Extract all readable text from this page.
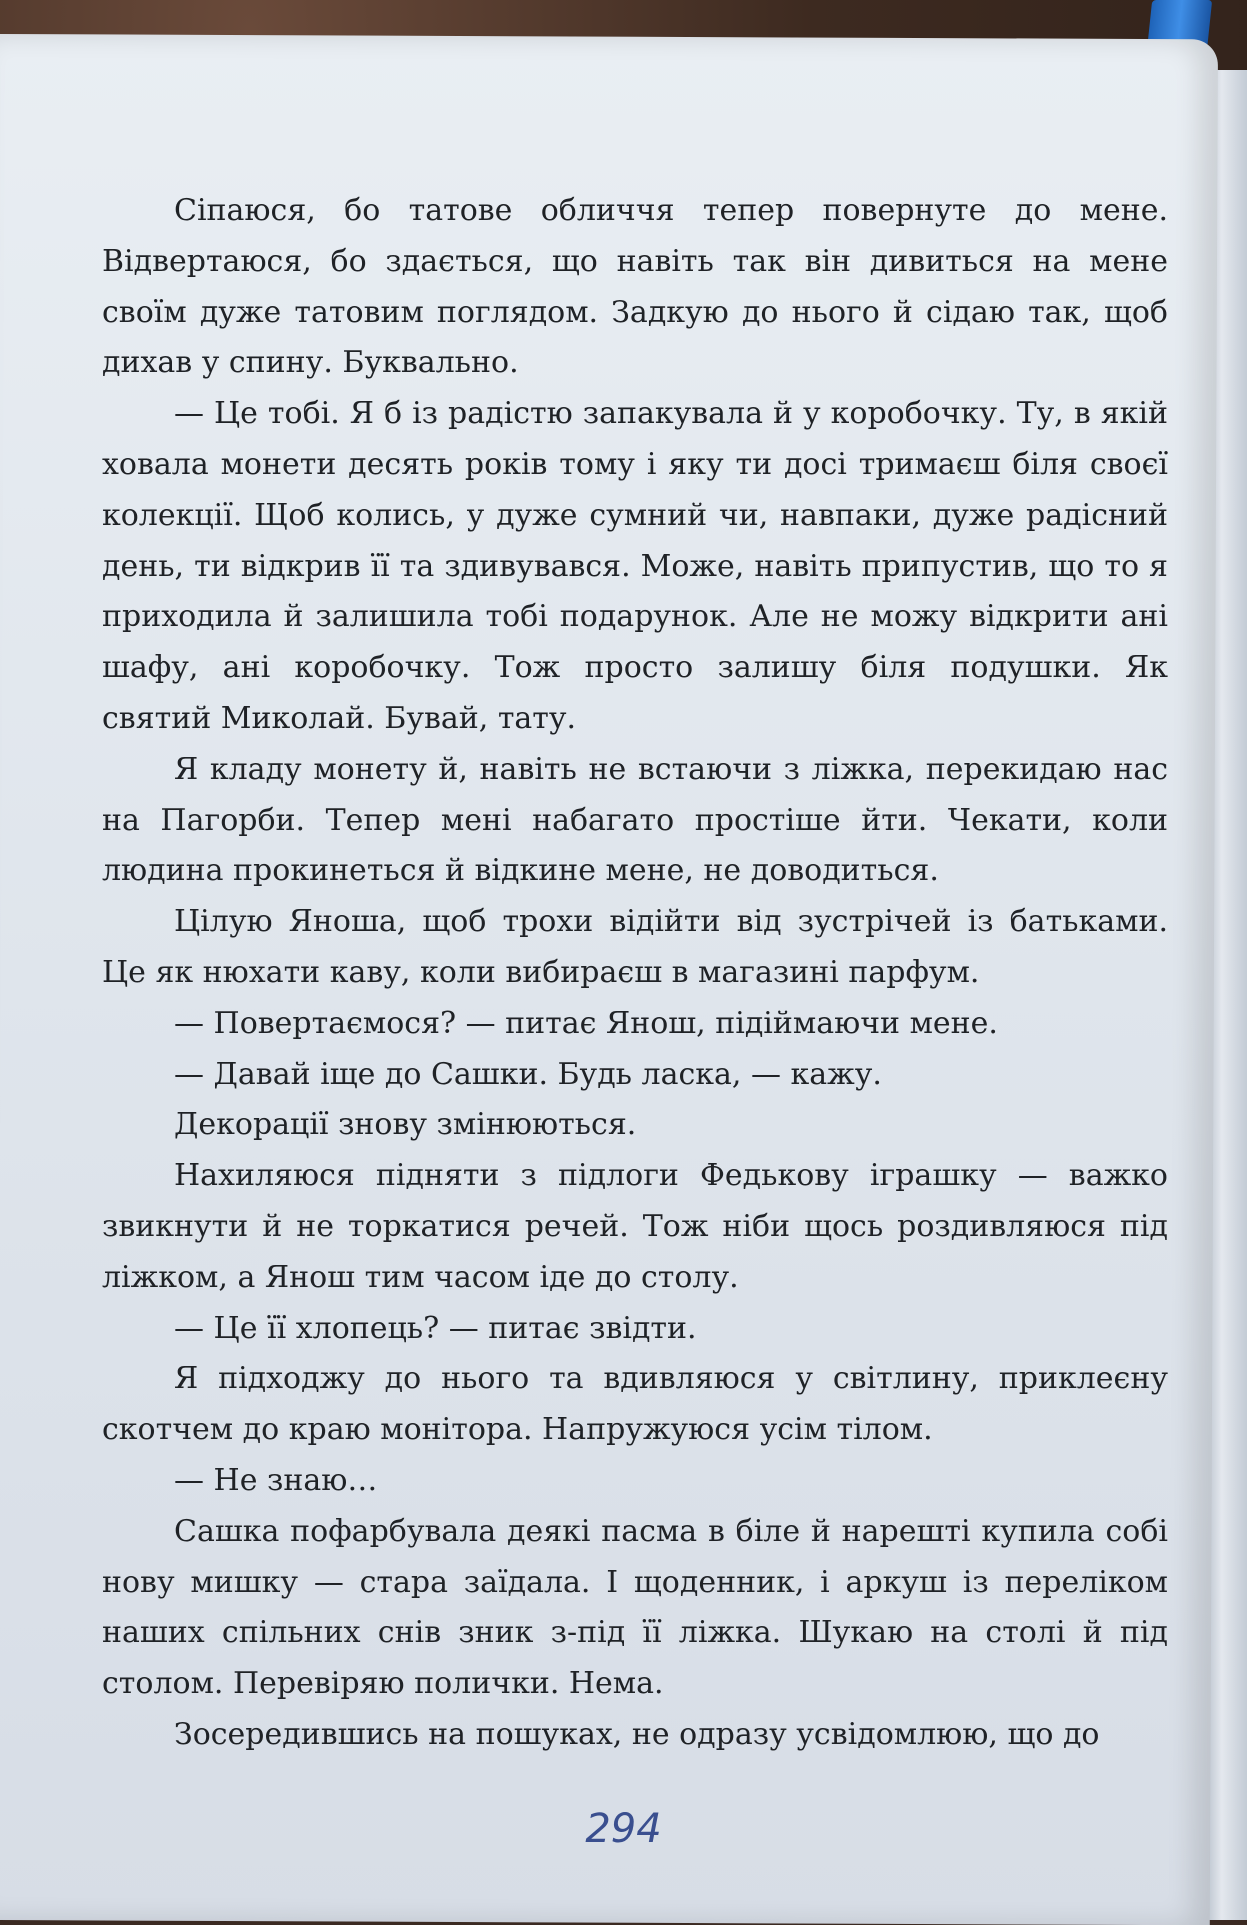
Сіпаюся, бо татове обличчя тепер повернуте до мене. Відвертаюся, бо здається, що навіть так він дивиться на мене своїм дуже татовим поглядом. Задкую до нього й сідаю так, щоб дихав у спину. Буквально.

— Це тобі. Я б із радістю запакувала й у коробочку. Ту, в якій ховала монети десять років тому і яку ти досі тримаєш біля своєї колекції. Щоб колись, у дуже сумний чи, навпаки, дуже радісний день, ти відкрив її та здивувався. Може, навіть припустив, що то я приходила й залишила тобі подарунок. Але не можу відкрити ані шафу, ані коробочку. Тож просто залишу біля подушки. Як святий Миколай. Бувай, тату.

Я кладу монету й, навіть не встаючи з ліжка, перекидаю нас на Пагорби. Тепер мені набагато простіше йти. Чекати, коли людина прокинеться й відкине мене, не доводиться.

Цілую Яноша, щоб трохи відійти від зустрічей із батьками. Це як нюхати каву, коли вибираєш в магазині парфум.

— Повертаємося? — питає Янош, підіймаючи мене.

— Давай іще до Сашки. Будь ласка, — кажу.

Декорації знову змінюються.

Нахиляюся підняти з підлоги Федькову іграшку — важко звикнути й не торкатися речей. Тож ніби щось роздивляюся під ліжком, а Янош тим часом іде до столу.

— Це її хлопець? — питає звідти.

Я підходжу до нього та вдивляюся у світлину, приклеєну скотчем до краю монітора. Напружуюся усім тілом.

— Не знаю…

Сашка пофарбувала деякі пасма в біле й нарешті купила собі нову мишку — стара заїдала. І щоденник, і аркуш із переліком наших спільних снів зник з-під її ліжка. Шукаю на столі й під столом. Перевіряю полички. Нема.

Зосередившись на пошуках, не одразу усвідомлюю, що до

294
